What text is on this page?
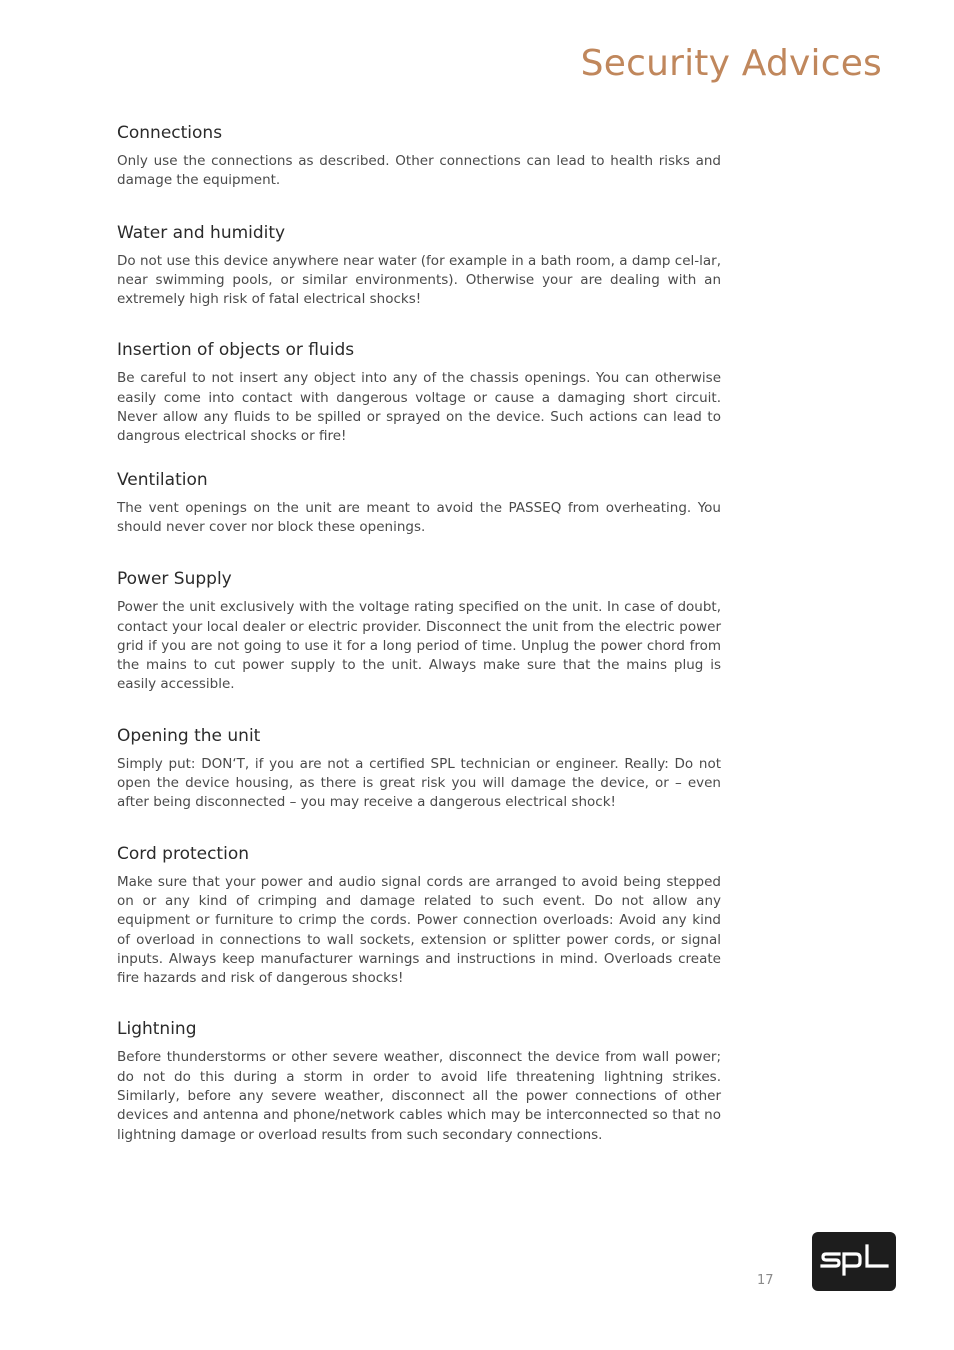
Security Advices
Connections

Only use the connections as described. Other connections can lead to health risks and damage the equipment.

Water and humidity

Do not use this device anywhere near water (for example in a bath room, a damp cel-lar, near swimming pools, or similar environments). Otherwise your are dealing with an extremely high risk of fatal electrical shocks!

Insertion of objects or fluids

Be careful to not insert any object into any of the chassis openings. You can otherwise easily come into contact with dangerous voltage or cause a damaging short circuit. Never allow any fluids to be spilled or sprayed on the device. Such actions can lead to dangrous electrical shocks or fire!

Ventilation

The vent openings on the unit are meant to avoid the PASSEQ from overheating. You should never cover nor block these openings.

Power Supply

Power the unit exclusively with the voltage rating specified on the unit. In case of doubt, contact your local dealer or electric provider. Disconnect the unit from the electric power grid if you are not going to use it for a long period of time. Unplug the power chord from the mains to cut power supply to the unit. Always make sure that the mains plug is easily accessible.

Opening the unit

Simply put: DON‘T, if you are not a certified SPL technician or engineer. Really: Do not open the device housing, as there is great risk you will damage the device, or – even after being disconnected – you may receive a dangerous electrical shock!

Cord protection

Make sure that your power and audio signal cords are arranged to avoid being stepped on or any kind of crimping and damage related to such event. Do not allow any equipment or furniture to crimp the cords. Power connection overloads: Avoid any kind of overload in connections to wall sockets, extension or splitter power cords, or signal inputs. Always keep manufacturer warnings and instructions in mind. Overloads create fire hazards and risk of dangerous shocks!

Lightning

Before thunderstorms or other severe weather, disconnect the device from wall power; do not do this during a storm in order to avoid life threatening lightning strikes. Similarly, before any severe weather, disconnect all the power connections of other devices and antenna and phone/network cables which may be interconnected so that no lightning damage or overload results from such secondary connections.

17
